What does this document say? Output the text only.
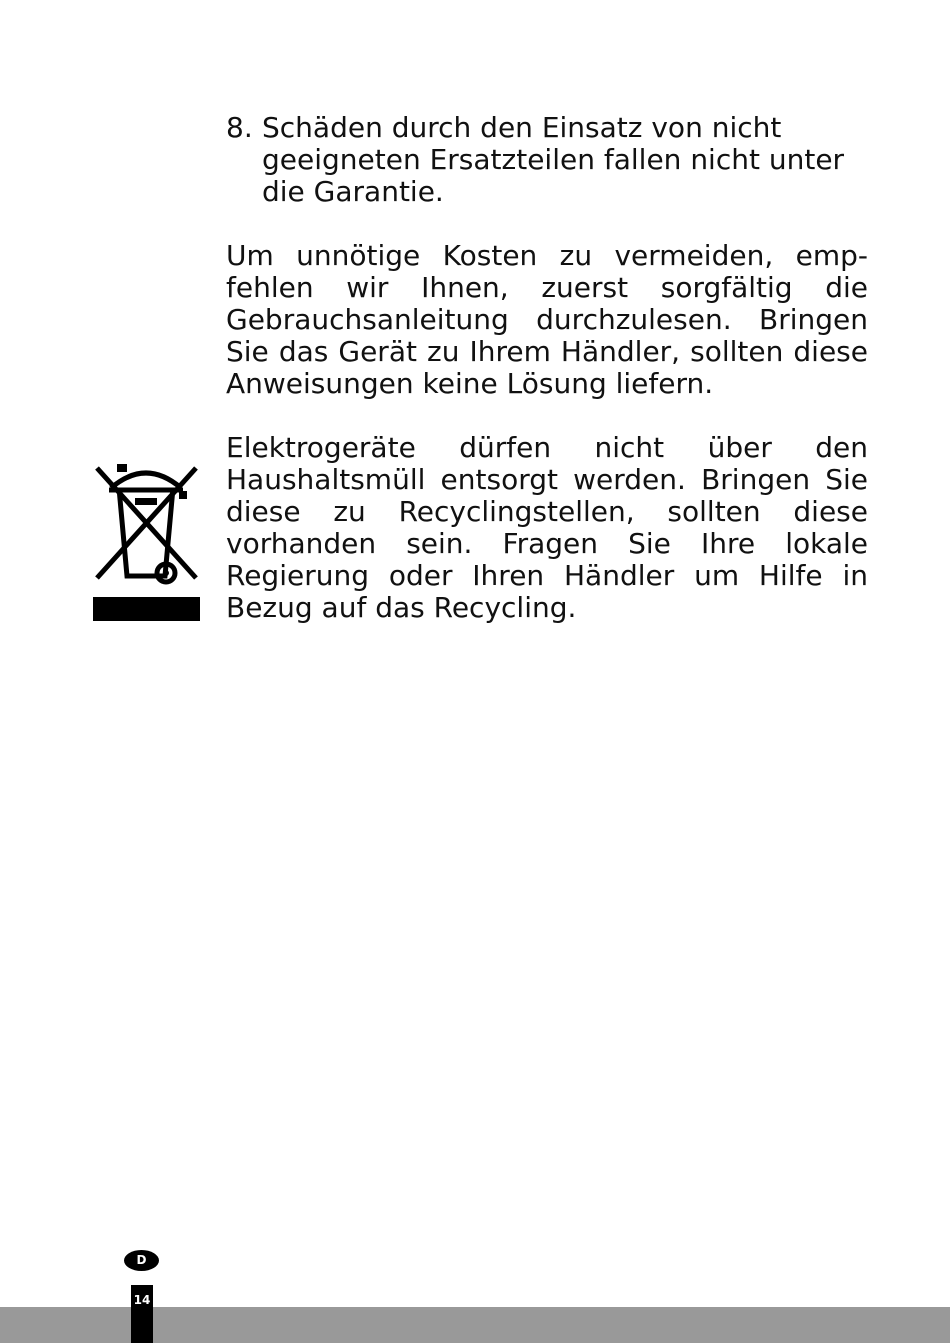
8. Schäden durch den Einsatz von nicht geeigneten Ersatzteilen fallen nicht unter die Garantie.

Um unnötige Kosten zu vermeiden, empfehlen wir Ihnen, zuerst sorgfältig die Gebrauchsanleitung durchzulesen. Bringen Sie das Gerät zu Ihrem Händler, sollten diese Anweisungen keine Lösung liefern.

Elektrogeräte dürfen nicht über den Haushaltsmüll entsorgt werden. Bringen Sie diese zu Recyclingstellen, sollten diese vorhanden sein. Fragen Sie Ihre lokale Regierung oder Ihren Händler um Hilfe in Bezug auf das Recycling.

D
14
